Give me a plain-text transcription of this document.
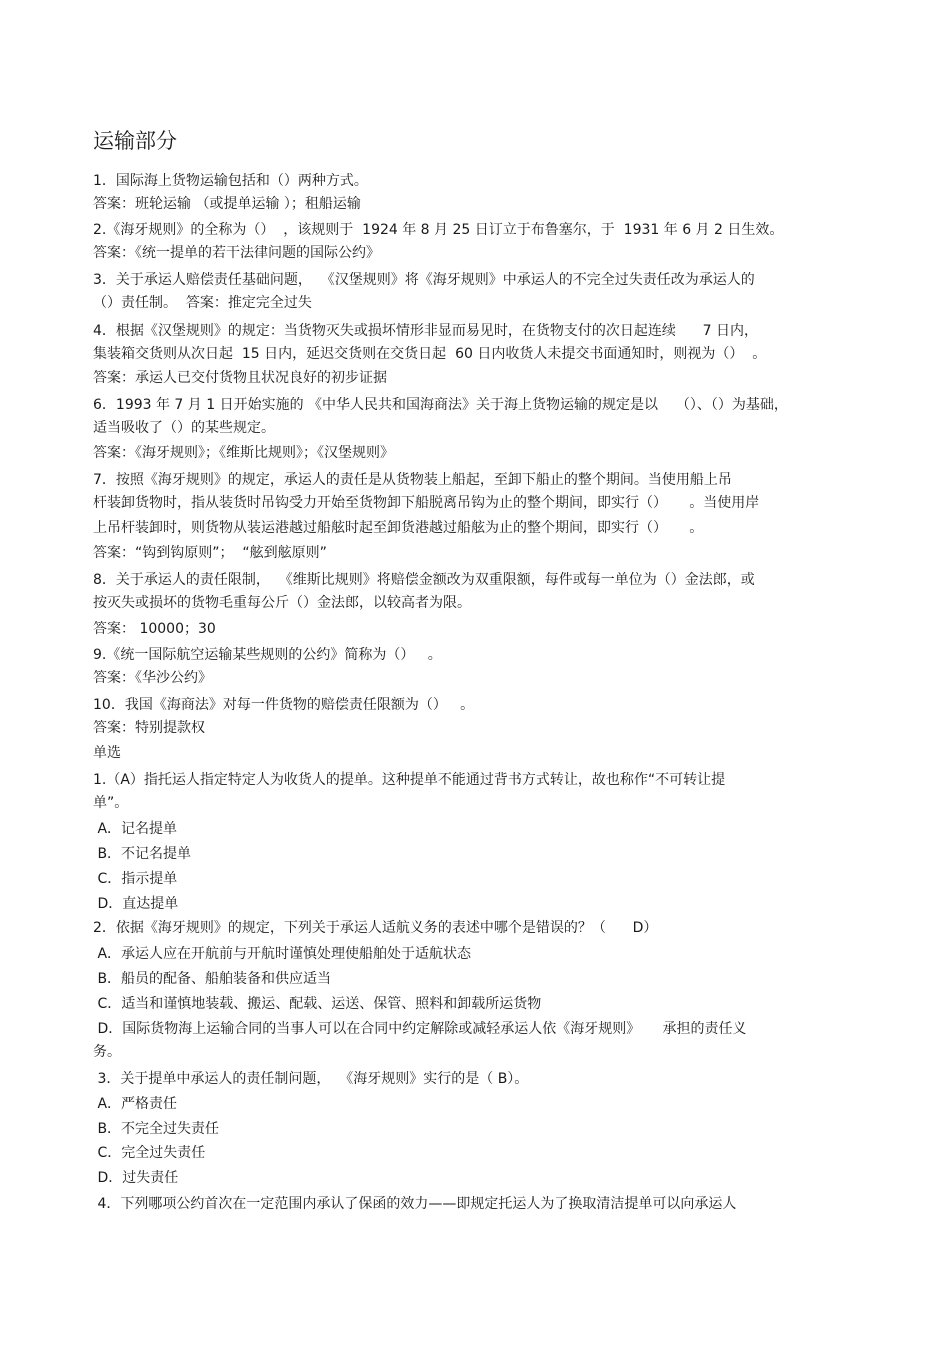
运输部分
1．国际海上货物运输包括和（）两种方式。
答案：班轮运输 （或提单运输 ）；租船运输
2.《海牙规则》的全称为（）  ，该规则于  1924 年 8 月 25 日订立于布鲁塞尔，于  1931 年 6 月 2 日生效。
答案：《统一提单的若干法律问题的国际公约》
3．关于承运人赔偿责任基础问题，  《汉堡规则》将《海牙规则》中承运人的不完全过失责任改为承运人的
（）责任制。  答案：推定完全过失
4．根据《汉堡规则》的规定：当货物灭失或损坏情形非显而易见时，在货物支付的次日起连续      7 日内，
集装箱交货则从次日起  15 日内，延迟交货则在交货日起  60 日内收货人未提交书面通知时，则视为（）  。
答案：承运人已交付货物且状况良好的初步证据
6．1993 年 7 月 1 日开始实施的 《中华人民共和国海商法》关于海上货物运输的规定是以    （）、（）为基础，
适当吸收了（）的某些规定。
答案：《海牙规则》；《维斯比规则》；《汉堡规则》
7．按照《海牙规则》的规定，承运人的责任是从货物装上船起，至卸下船止的整个期间。当使用船上吊
杆装卸货物时，指从装货时吊钩受力开始至货物卸下船脱离吊钩为止的整个期间，即实行（）     。当使用岸
上吊杆装卸时，则货物从装运港越过船舷时起至卸货港越过船舷为止的整个期间，即实行（）     。
答案：“钩到钩原则”；  “舷到舷原则”
8．关于承运人的责任限制，  《维斯比规则》将赔偿金额改为双重限额，每件或每一单位为（）金法郎，或
按灭失或损坏的货物毛重每公斤（）金法郎，以较高者为限。
答案： 10000；30
9.《统一国际航空运输某些规则的公约》简称为（）   。
答案：《华沙公约》
10．我国《海商法》对每一件货物的赔偿责任限额为（）   。
答案：特别提款权
单选
1.（A）指托运人指定特定人为收货人的提单。这种提单不能通过背书方式转让，故也称作“不可转让提
单”。
A．记名提单
B．不记名提单
C．指示提单
D．直达提单
2．依据《海牙规则》的规定，下列关于承运人适航义务的表述中哪个是错误的？（      D）
A．承运人应在开航前与开航时谨慎处理使船舶处于适航状态
B．船员的配备、船舶装备和供应适当
C．适当和谨慎地装载、搬运、配载、运送、保管、照料和卸载所运货物
D．国际货物海上运输合同的当事人可以在合同中约定解除或减轻承运人依《海牙规则》     承担的责任义
务。
3．关于提单中承运人的责任制问题，  《海牙规则》实行的是（ B）。
A．严格责任
B．不完全过失责任
C．完全过失责任
D．过失责任
4．下列哪项公约首次在一定范围内承认了保函的效力——即规定托运人为了换取清洁提单可以向承运人
